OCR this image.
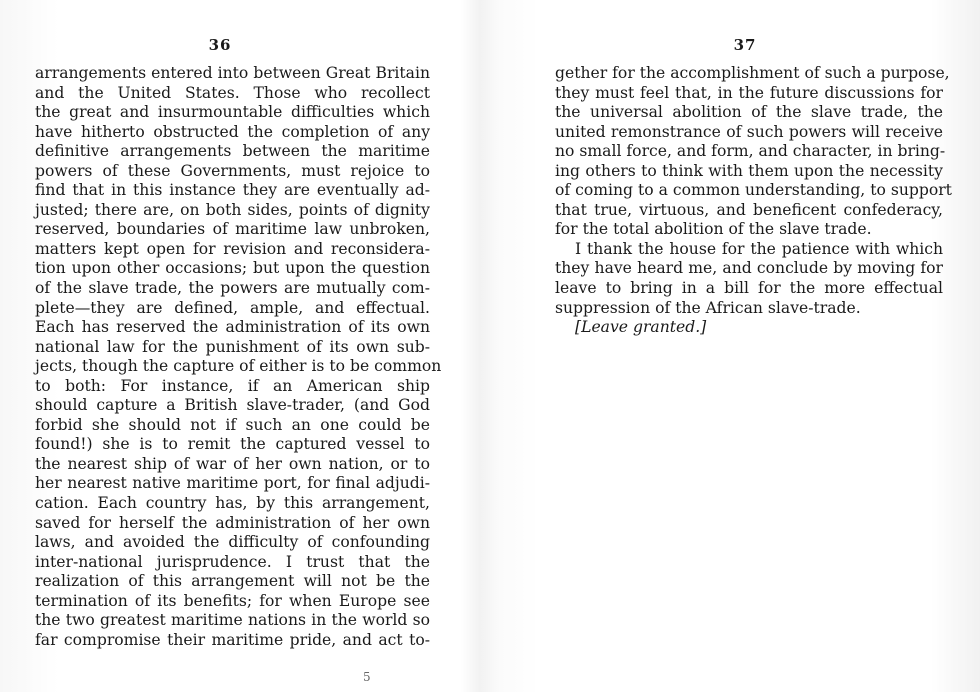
36
arrangements entered into between Great Britain
and the United States. Those who recollect
the great and insurmountable difficulties which
have hitherto obstructed the completion of any
definitive arrangements between the maritime
powers of these Governments, must rejoice to
find that in this instance they are eventually ad-
justed; there are, on both sides, points of dignity
reserved, boundaries of maritime law unbroken,
matters kept open for revision and reconsidera-
tion upon other occasions; but upon the question
of the slave trade, the powers are mutually com-
plete—they are defined, ample, and effectual.
Each has reserved the administration of its own
national law for the punishment of its own sub-
jects, though the capture of either is to be common
to both: For instance, if an American ship
should capture a British slave-trader, (and God
forbid she should not if such an one could be
found!) she is to remit the captured vessel to
the nearest ship of war of her own nation, or to
her nearest native maritime port, for final adjudi-
cation. Each country has, by this arrangement,
saved for herself the administration of her own
laws, and avoided the difficulty of confounding
inter-national jurisprudence. I trust that the
realization of this arrangement will not be the
termination of its benefits; for when Europe see
the two greatest maritime nations in the world so
far compromise their maritime pride, and act to-
37
gether for the accomplishment of such a purpose,
they must feel that, in the future discussions for
the universal abolition of the slave trade, the
united remonstrance of such powers will receive
no small force, and form, and character, in bring-
ing others to think with them upon the necessity
of coming to a common understanding, to support
that true, virtuous, and beneficent confederacy,
for the total abolition of the slave trade.
I thank the house for the patience with which
they have heard me, and conclude by moving for
leave to bring in a bill for the more effectual
suppression of the African slave-trade.
[Leave granted.]
5
